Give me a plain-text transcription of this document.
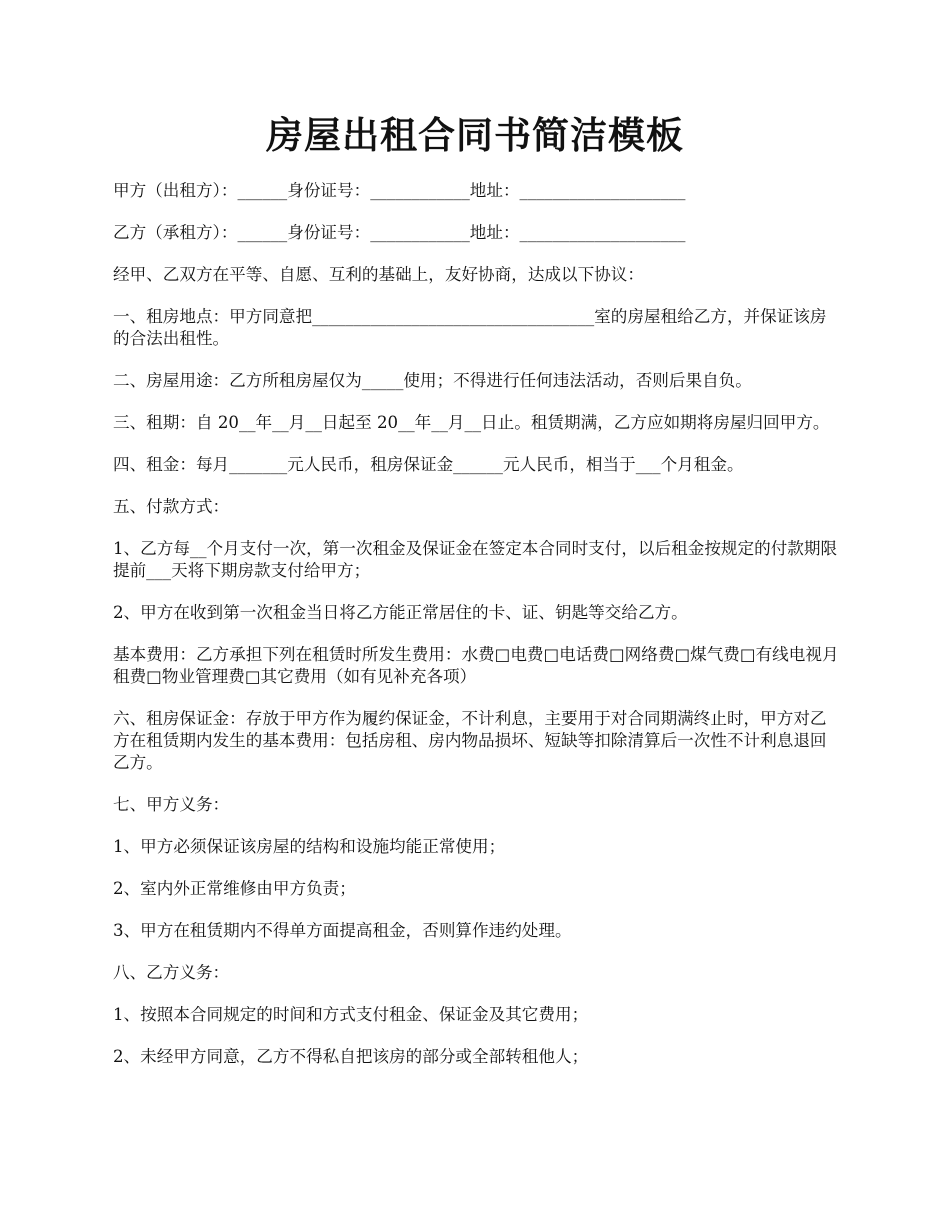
房屋出租合同书简洁模板

甲方（出租方）：______身份证号：____________地址：____________________

乙方（承租方）：______身份证号：____________地址：____________________

经甲、乙双方在平等、自愿、互利的基础上，友好协商，达成以下协议：

一、租房地点：甲方同意把__________________________________室的房屋租给乙方，并保证该房的合法出租性。

二、房屋用途：乙方所租房屋仅为_____使用；不得进行任何违法活动，否则后果自负。

三、租期：自 20__年__月__日起至 20__年__月__日止。租赁期满，乙方应如期将房屋归回甲方。

四、租金：每月_______元人民币，租房保证金______元人民币，相当于___个月租金。

五、付款方式：

1、乙方每__个月支付一次，第一次租金及保证金在签定本合同时支付，以后租金按规定的付款期限提前___天将下期房款支付给甲方；

2、甲方在收到第一次租金当日将乙方能正常居住的卡、证、钥匙等交给乙方。

基本费用：乙方承担下列在租赁时所发生费用：水费□电费□电话费□网络费□煤气费□有线电视月租费□物业管理费□其它费用（如有见补充各项）

六、租房保证金：存放于甲方作为履约保证金，不计利息，主要用于对合同期满终止时，甲方对乙方在租赁期内发生的基本费用：包括房租、房内物品损坏、短缺等扣除清算后一次性不计利息退回乙方。

七、甲方义务：

1、甲方必须保证该房屋的结构和设施均能正常使用；

2、室内外正常维修由甲方负责；

3、甲方在租赁期内不得单方面提高租金，否则算作违约处理。

八、乙方义务：

1、按照本合同规定的时间和方式支付租金、保证金及其它费用；

2、未经甲方同意，乙方不得私自把该房的部分或全部转租他人；
